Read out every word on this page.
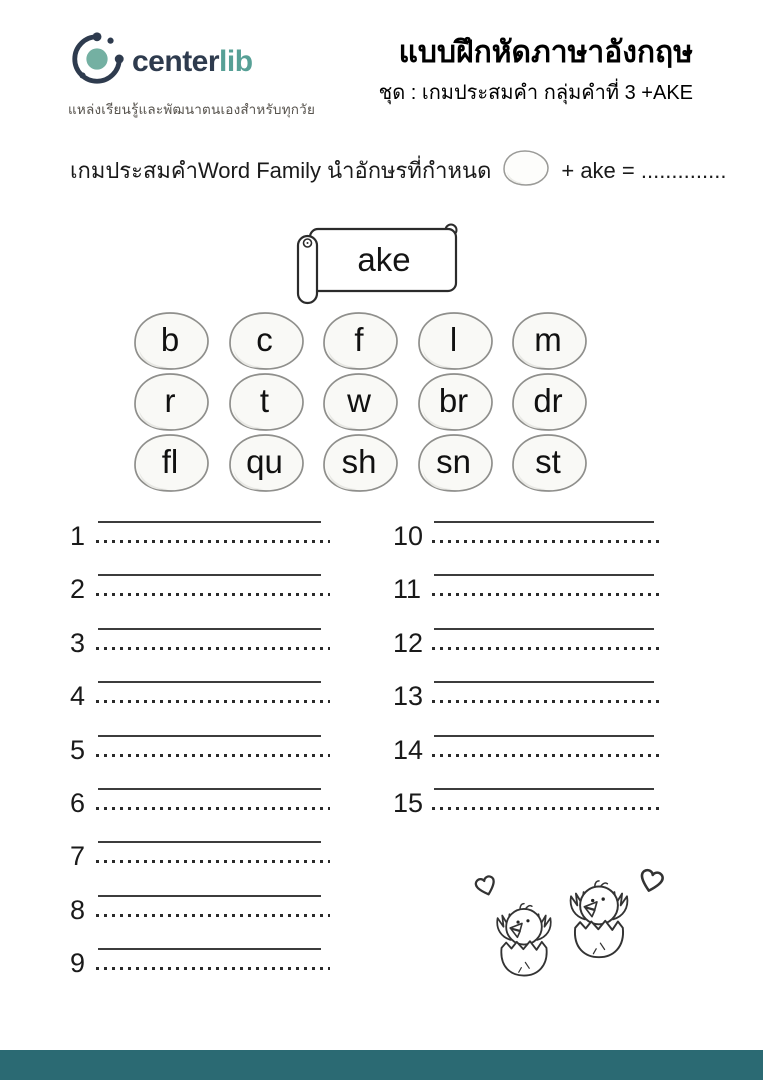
centerlib
แหล่งเรียนรู้และพัฒนาตนเองสำหรับทุกวัย
แบบฝึกหัดภาษาอังกฤษ
ชุด : เกมประสมคำ กลุ่มคำที่ 3 +AKE
เกมประสมคำWord Family นำอักษรที่กำหนด	+ ake = ..............
ake
b	c	f	l	m
r	t	w	br	dr
fl	qu	sh	sn	st
1
2
3
4
5
6
7
8
9
10
11
12
13
14
15
